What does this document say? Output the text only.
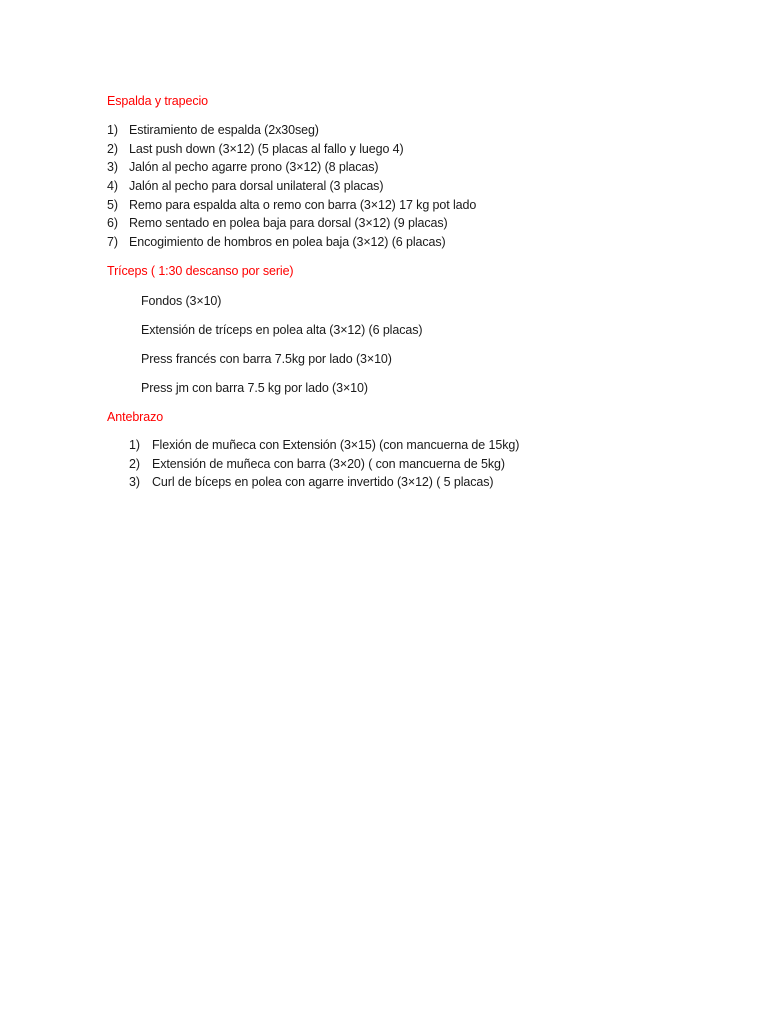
Espalda y trapecio
1) Estiramiento de espalda (2x30seg)
2) Last push down (3×12) (5 placas al fallo y luego 4)
3) Jalón al pecho agarre prono (3×12) (8 placas)
4) Jalón al pecho para dorsal unilateral (3 placas)
5) Remo para espalda alta o remo con barra (3×12) 17 kg pot lado
6) Remo sentado en polea baja para dorsal (3×12) (9 placas)
7) Encogimiento de hombros en polea baja (3×12) (6 placas)
Tríceps ( 1:30 descanso por serie)
Fondos (3×10)
Extensión de tríceps en polea alta (3×12) (6 placas)
Press francés con barra 7.5kg por lado (3×10)
Press jm con barra 7.5 kg por lado (3×10)
Antebrazo
1) Flexión de muñeca con Extensión (3×15) (con mancuerna de 15kg)
2) Extensión de muñeca con barra (3×20) ( con mancuerna de 5kg)
3) Curl de bíceps en polea con agarre invertido (3×12) ( 5 placas)
